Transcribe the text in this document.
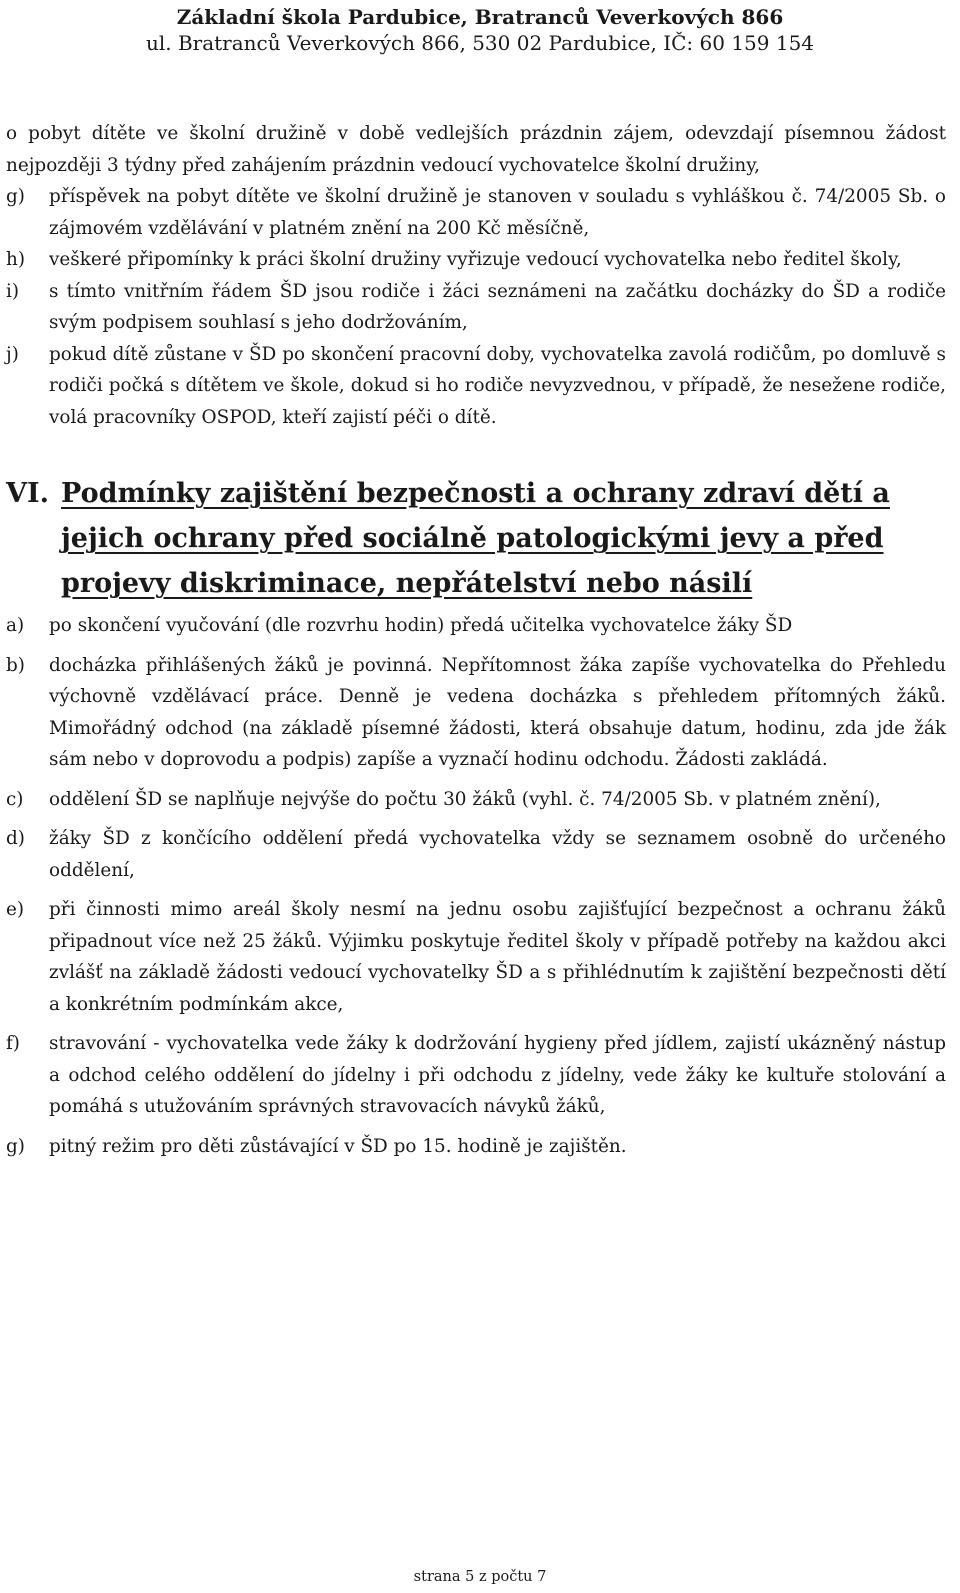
Základní škola Pardubice, Bratranců Veverkových 866
ul. Bratranců Veverkových 866, 530 02 Pardubice, IČ: 60 159 154
o pobyt dítěte ve školní družině v době vedlejších prázdnin zájem, odevzdají písemnou žádost nejpozději 3 týdny před zahájením prázdnin vedoucí vychovatelce školní družiny,
g) příspěvek na pobyt dítěte ve školní družině je stanoven v souladu s vyhláškou č. 74/2005 Sb. o zájmovém vzdělávání v platném znění na 200 Kč měsíčně,
h) veškeré připomínky k práci školní družiny vyřizuje vedoucí vychovatelka nebo ředitel školy,
i) s tímto vnitřním řádem ŠD jsou rodiče i žáci seznámeni na začátku docházky do ŠD a rodiče svým podpisem souhlasí s jeho dodržováním,
j) pokud dítě zůstane v ŠD po skončení pracovní doby, vychovatelka zavolá rodičům, po domluvě s rodiči počká s dítětem ve škole, dokud si ho rodiče nevyzvednou, v případě, že nesežene rodiče, volá pracovníky OSPOD, kteří zajistí péči o dítě.
VI. Podmínky zajištění bezpečnosti a ochrany zdraví dětí a jejich ochrany před sociálně patologickými jevy a před projevy diskriminace, nepřátelství nebo násilí
a) po skončení vyučování (dle rozvrhu hodin) předá učitelka vychovatelce žáky ŠD
b) docházka přihlášených žáků je povinná. Nepřítomnost žáka zapíše vychovatelka do Přehledu výchovně vzdělávací práce. Denně je vedena docházka s přehledem přítomných žáků. Mimořádný odchod (na základě písemné žádosti, která obsahuje datum, hodinu, zda jde žák sám nebo v doprovodu a podpis) zapíše a vyznačí hodinu odchodu. Žádosti zakládá.
c) oddělení ŠD se naplňuje nejvýše do počtu 30 žáků (vyhl. č. 74/2005 Sb. v platném znění),
d) žáky ŠD z končícího oddělení předá vychovatelka vždy se seznamem osobně do určeného oddělení,
e) při činnosti mimo areál školy nesmí na jednu osobu zajišťující bezpečnost a ochranu žáků připadnout více než 25 žáků. Výjimku poskytuje ředitel školy v případě potřeby na každou akci zvlášť na základě žádosti vedoucí vychovatelky ŠD a s přihlédnutím k zajištění bezpečnosti dětí a konkrétním podmínkám akce,
f) stravování - vychovatelka vede žáky k dodržování hygieny před jídlem, zajistí ukázněný nástup a odchod celého oddělení do jídelny i při odchodu z jídelny, vede žáky ke kultuře stolování a pomáhá s utužováním správných stravovacích návyků žáků,
g) pitný režim pro děti zůstávající v ŠD po 15. hodině je zajištěn.
strana 5 z počtu 7
